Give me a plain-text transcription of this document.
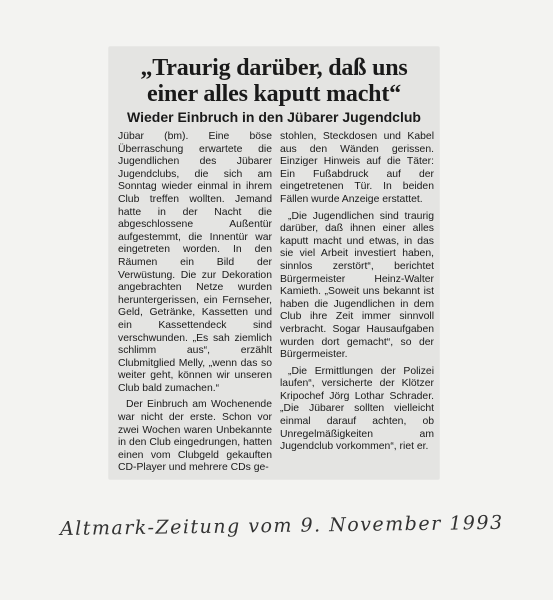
„Traurig darüber, daß uns
einer alles kaputt macht“
Wieder Einbruch in den Jübarer Jugendclub

Jübar (bm). Eine böse Überraschung erwartete die Jugendlichen des Jübarer Jugendclubs, die sich am Sonntag wieder einmal in ihrem Club treffen wollten. Jemand hatte in der Nacht die abgeschlossene Außentür aufgestemmt, die Innentür war eingetreten worden. In den Räumen ein Bild der Verwüstung. Die zur Dekoration angebrachten Netze wurden heruntergerissen, ein Fernseher, Geld, Getränke, Kassetten und ein Kassettendeck sind verschwunden. „Es sah ziemlich schlimm aus“, erzählt Clubmitglied Melly, „wenn das so weiter geht, können wir unseren Club bald zumachen.“

Der Einbruch am Wochenende war nicht der erste. Schon vor zwei Wochen waren Unbekannte in den Club eingedrungen, hatten einen vom Clubgeld gekauften CD-Player und mehrere CDs ge-

stohlen, Steckdosen und Kabel aus den Wänden gerissen. Einziger Hinweis auf die Täter: Ein Fußabdruck auf der eingetretenen Tür. In beiden Fällen wurde Anzeige erstattet.

„Die Jugendlichen sind traurig darüber, daß ihnen einer alles kaputt macht und etwas, in das sie viel Arbeit investiert haben, sinnlos zerstört“, berichtet Bürgermeister Heinz-Walter Kamieth. „Soweit uns bekannt ist haben die Jugendlichen in dem Club ihre Zeit immer sinnvoll verbracht. Sogar Hausaufgaben wurden dort gemacht“, so der Bürgermeister.

„Die Ermittlungen der Polizei laufen“, versicherte der Klötzer Kripochef Jörg Lothar Schrader. „Die Jübarer sollten vielleicht einmal darauf achten, ob Unregelmäßigkeiten am Jugendclub vorkommen“, riet er.

Altmark-Zeitung vom 9. November 1993
